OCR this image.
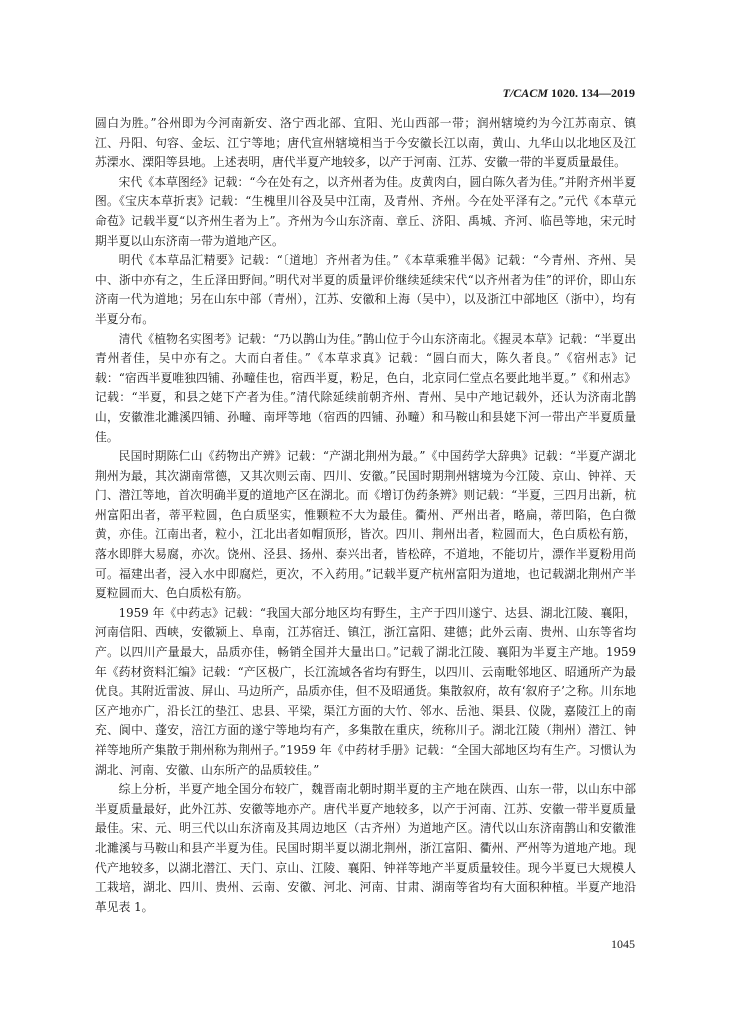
T/CACM 1020. 134—2019

圆白为胜。”谷州即为今河南新安、洛宁西北部、宜阳、光山西部一带；润州辖境约为今江苏南京、镇江、丹阳、句容、金坛、江宁等地；唐代宣州辖境相当于今安徽长江以南，黄山、九华山以北地区及江苏溧水、溧阳等县地。上述表明，唐代半夏产地较多，以产于河南、江苏、安徽一带的半夏质量最佳。

宋代《本草图经》记载：“今在处有之，以齐州者为佳。皮黄肉白，圆白陈久者为佳。”并附齐州半夏图。《宝庆本草折衷》记载：“生槐里川谷及吴中江南，及青州、齐州。今在处平泽有之。”元代《本草元命苞》记载半夏“以齐州生者为上”。齐州为今山东济南、章丘、济阳、禹城、齐河、临邑等地，宋元时期半夏以山东济南一带为道地产区。

明代《本草品汇精要》记载：“〔道地〕齐州者为佳。”《本草乘雅半偈》记载：“今青州、齐州、吴中、浙中亦有之，生丘泽田野间。”明代对半夏的质量评价继续延续宋代“以齐州者为佳”的评价，即山东济南一代为道地；另在山东中部（青州），江苏、安徽和上海（吴中），以及浙江中部地区（浙中），均有半夏分布。

清代《植物名实图考》记载：“乃以鹊山为佳。”鹊山位于今山东济南北。《握灵本草》记载：“半夏出青州者佳，吴中亦有之。大而白者佳。”《本草求真》记载：“圆白而大，陈久者良。”《宿州志》记载：“宿西半夏唯独四铺、孙疃佳也，宿西半夏，粉足，色白，北京同仁堂点名要此地半夏。”《和州志》记载：“半夏，和县之姥下产者为佳。”清代除延续前朝齐州、青州、吴中产地记载外，还认为济南北鹊山，安徽淮北濉溪四铺、孙疃、南坪等地（宿西的四铺、孙疃）和马鞍山和县姥下河一带出产半夏质量佳。

民国时期陈仁山《药物出产辨》记载：“产湖北荆州为最。”《中国药学大辞典》记载：“半夏产湖北荆州为最，其次湖南常德，又其次则云南、四川、安徽。”民国时期荆州辖境为今江陵、京山、钟祥、天门、潜江等地，首次明确半夏的道地产区在湖北。而《增订伪药条辨》则记载：“半夏，三四月出新，杭州富阳出者，蒂平粒圆，色白质坚实，惟颗粒不大为最佳。衢州、严州出者，略扁，蒂凹陷，色白微黄，亦佳。江南出者，粒小，江北出者如帽顶形，皆次。四川、荆州出者，粒圆而大，色白质松有筋，落水即胖大易腐，亦次。饶州、泾县、扬州、泰兴出者，皆松碎，不道地，不能切片，漂作半夏粉用尚可。福建出者，浸入水中即腐烂，更次，不入药用。”记载半夏产杭州富阳为道地，也记载湖北荆州产半夏粒圆而大、色白质松有筋。

1959 年《中药志》记载：“我国大部分地区均有野生，主产于四川遂宁、达县、湖北江陵、襄阳，河南信阳、西峡，安徽颍上、阜南，江苏宿迁、镇江，浙江富阳、建德；此外云南、贵州、山东等省均产。以四川产量最大，品质亦佳，畅销全国并大量出口。”记载了湖北江陵、襄阳为半夏主产地。1959 年《药材资料汇编》记载：“产区极广，长江流域各省均有野生，以四川、云南毗邻地区、昭通所产为最优良。其附近雷波、屏山、马边所产，品质亦佳，但不及昭通货。集散叙府，故有‘叙府子’之称。川东地区产地亦广，沿长江的垫江、忠县、平梁，渠江方面的大竹、邻水、岳池、渠县、仪陇，嘉陵江上的南充、阆中、蓬安，涪江方面的遂宁等地均有产，多集散在重庆，统称川子。湖北江陵（荆州）潜江、钟祥等地所产集散于荆州称为荆州子。”1959 年《中药材手册》记载：“全国大部地区均有生产。习惯认为湖北、河南、安徽、山东所产的品质较佳。”

综上分析，半夏产地全国分布较广，魏晋南北朝时期半夏的主产地在陕西、山东一带，以山东中部半夏质量最好，此外江苏、安徽等地亦产。唐代半夏产地较多，以产于河南、江苏、安徽一带半夏质量最佳。宋、元、明三代以山东济南及其周边地区（古齐州）为道地产区。清代以山东济南鹊山和安徽淮北濉溪与马鞍山和县产半夏为佳。民国时期半夏以湖北荆州，浙江富阳、衢州、严州等为道地产地。现代产地较多，以湖北潜江、天门、京山、江陵、襄阳、钟祥等地产半夏质量较佳。现今半夏已大规模人工栽培，湖北、四川、贵州、云南、安徽、河北、河南、甘肃、湖南等省均有大面积种植。半夏产地沿革见表 1。

1045
